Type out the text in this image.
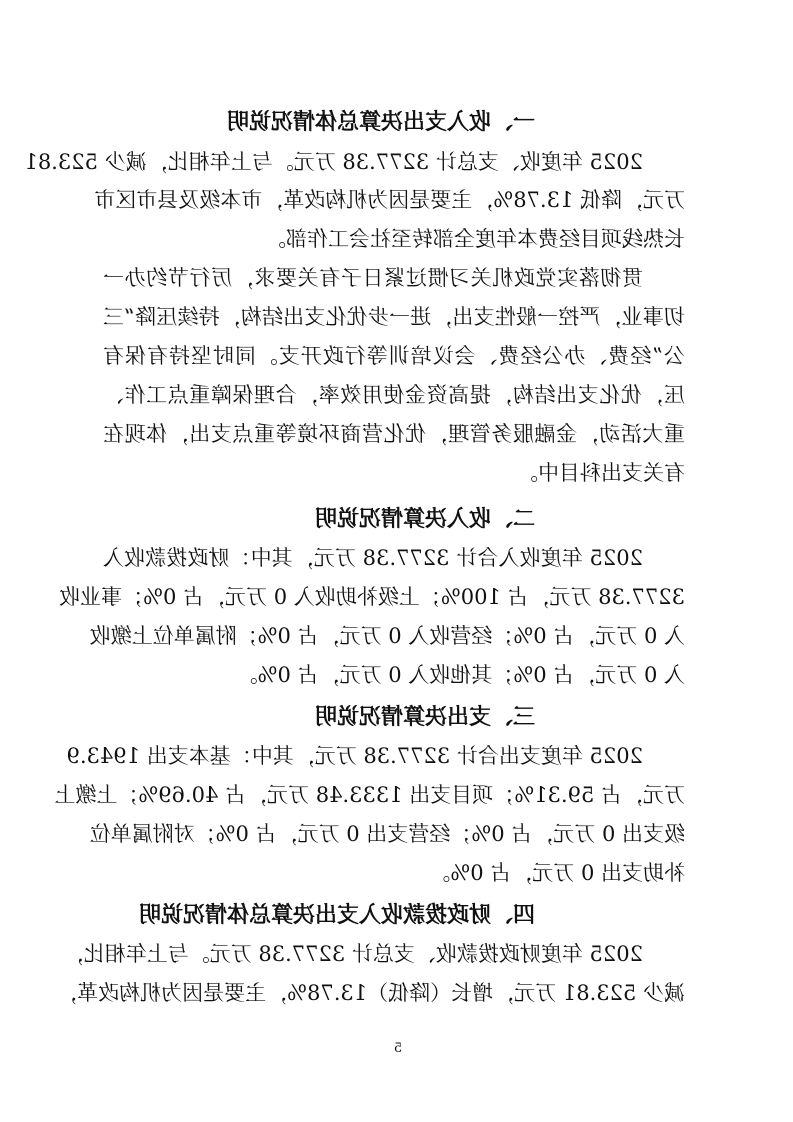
一、收入支出决算总体情况说明
2025 年度收、支总计 3277.38 万元。与上年相比，减少 523.81
万元，降低 13.78%，主要是因为机构改革，市本级及县市区市
长热线项目经费本年度全部转至社会工作部。
贯彻落实党政机关习惯过紧日子有关要求，厉行节约办一
切事业，严控一般性支出，进一步优化支出结构，持续压降“三
公”经费、办公经费、会议培训等行政开支。同时坚持有保有
压，优化支出结构，提高资金使用效率，合理保障重点工作、
重大活动，金融服务管理，优化营商环境等重点支出，体现在
有关支出科目中。
二、收入决算情况说明
2025 年度收入合计 3277.38 万元，其中：财政拨款收入
3277.38 万元，占 100%；上级补助收入 0 万元，占 0%；事业收
入 0 万元，占 0%；经营收入 0 万元，占 0%；附属单位上缴收
入 0 万元，占 0%；其他收入 0 万元，占 0%。
三、支出决算情况说明
2025 年度支出合计 3277.38 万元，其中：基本支出 1943.9
万元，占 59.31%；项目支出 1333.48 万元，占 40.69%；上缴上
级支出 0 万元，占 0%；经营支出 0 万元，占 0%；对附属单位
补助支出 0 万元，占 0%。
四、财政拨款收入支出决算总体情况说明
2025 年度财政拨款收、支总计 3277.38 万元。与上年相比，
减少 523.81 万元，增长（降低）13.78%，主要是因为机构改革，
5
